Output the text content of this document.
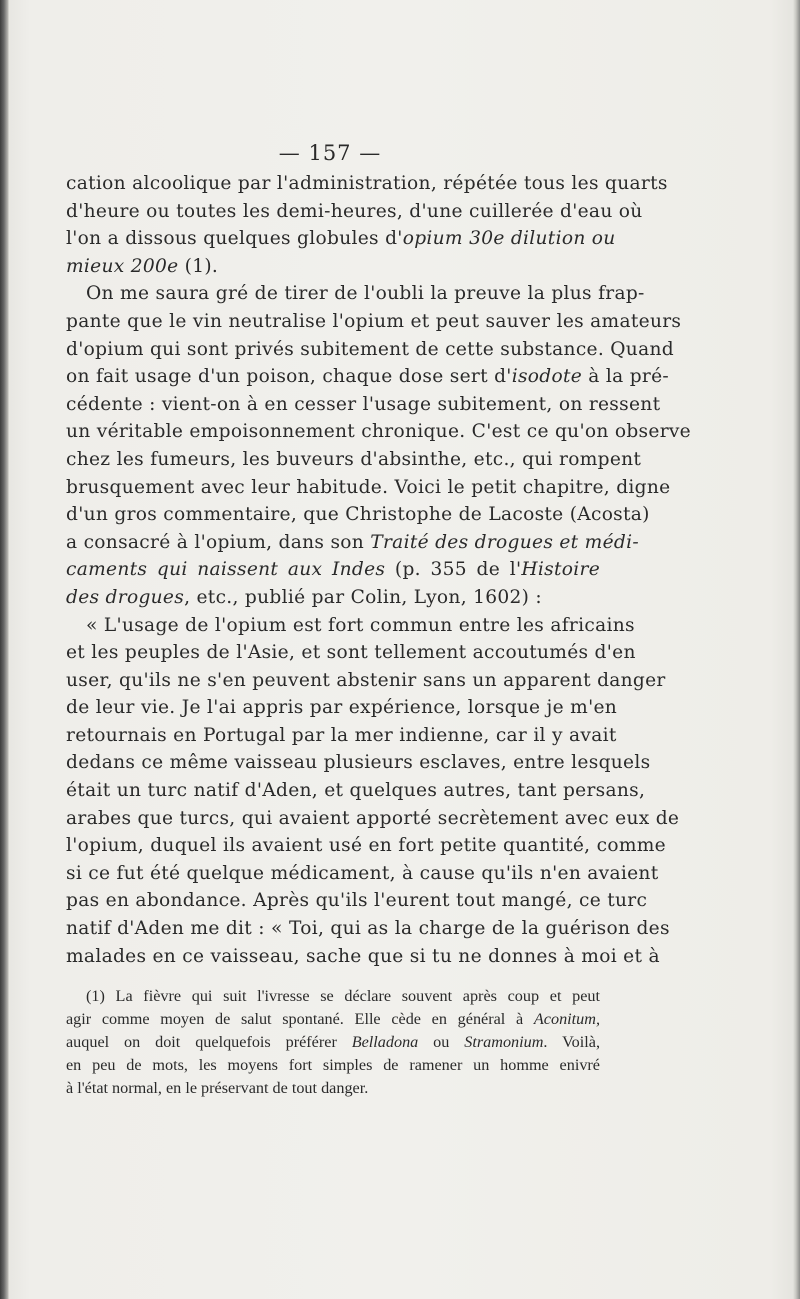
— 157 —
cation alcoolique par l'administration, répétée tous les quarts
d'heure ou toutes les demi-heures, d'une cuillerée d'eau où
l'on a dissous quelques globules d'opium 30e dilution ou
mieux 200e (1).
On me saura gré de tirer de l'oubli la preuve la plus frap-
pante que le vin neutralise l'opium et peut sauver les amateurs
d'opium qui sont privés subitement de cette substance. Quand
on fait usage d'un poison, chaque dose sert d'isodote à la pré-
cédente : vient-on à en cesser l'usage subitement, on ressent
un véritable empoisonnement chronique. C'est ce qu'on observe
chez les fumeurs, les buveurs d'absinthe, etc., qui rompent
brusquement avec leur habitude. Voici le petit chapitre, digne
d'un gros commentaire, que Christophe de Lacoste (Acosta)
a consacré à l'opium, dans son Traité des drogues et médi-
caments qui naissent aux Indes (p. 355 de l'Histoire
des drogues, etc., publié par Colin, Lyon, 1602) :
« L'usage de l'opium est fort commun entre les africains
et les peuples de l'Asie, et sont tellement accoutumés d'en
user, qu'ils ne s'en peuvent abstenir sans un apparent danger
de leur vie. Je l'ai appris par expérience, lorsque je m'en
retournais en Portugal par la mer indienne, car il y avait
dedans ce même vaisseau plusieurs esclaves, entre lesquels
était un turc natif d'Aden, et quelques autres, tant persans,
arabes que turcs, qui avaient apporté secrètement avec eux de
l'opium, duquel ils avaient usé en fort petite quantité, comme
si ce fut été quelque médicament, à cause qu'ils n'en avaient
pas en abondance. Après qu'ils l'eurent tout mangé, ce turc
natif d'Aden me dit : « Toi, qui as la charge de la guérison des
malades en ce vaisseau, sache que si tu ne donnes à moi et à
(1) La fièvre qui suit l'ivresse se déclare souvent après coup et peut
agir comme moyen de salut spontané. Elle cède en général à Aconitum,
auquel on doit quelquefois préférer Belladona ou Stramonium. Voilà,
en peu de mots, les moyens fort simples de ramener un homme enivré
à l'état normal, en le préservant de tout danger.
